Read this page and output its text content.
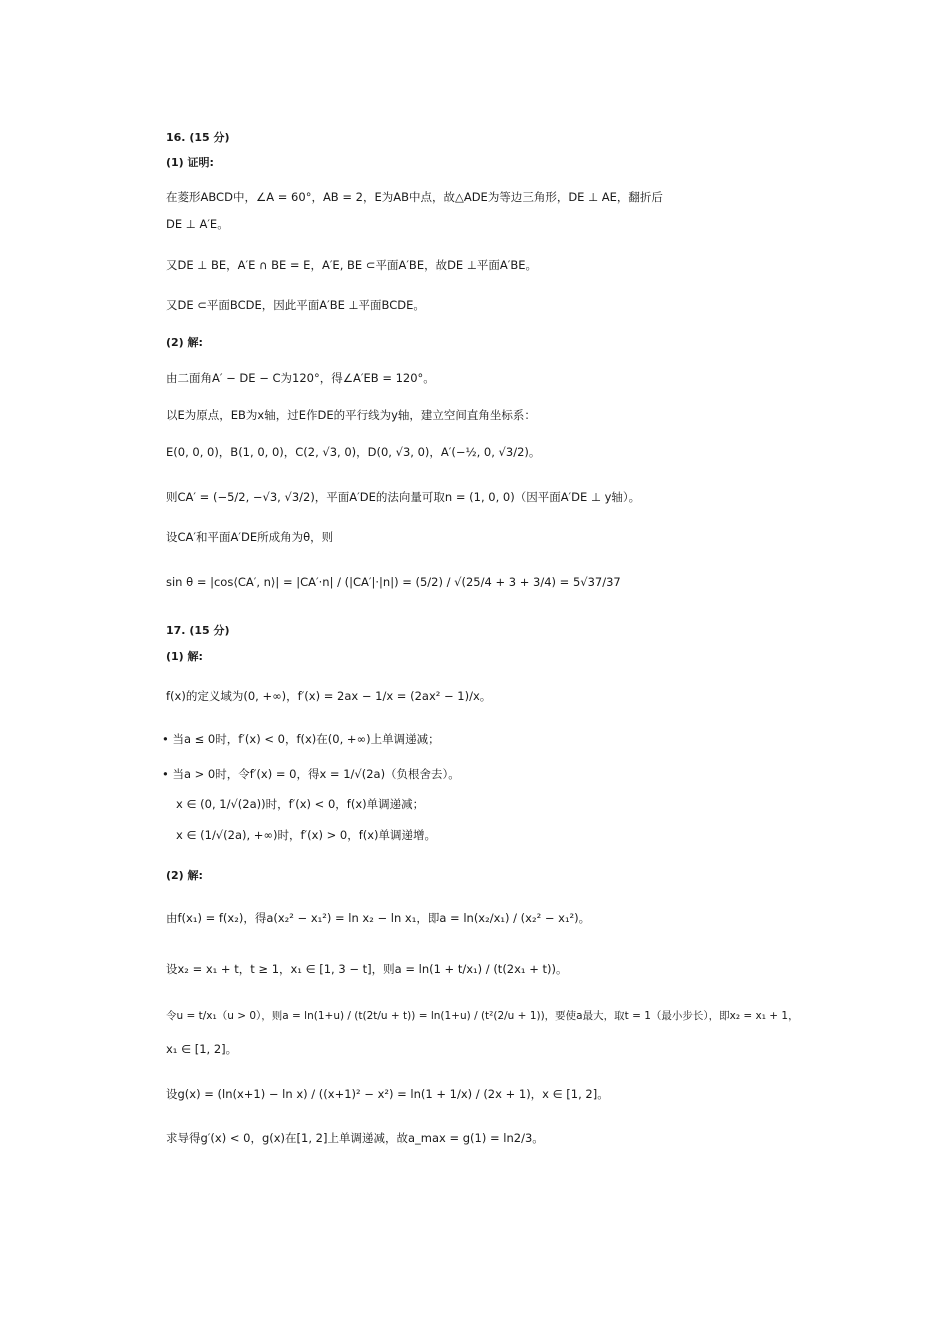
16. (15 分)
(1) 证明:
在菱形ABCD中，∠A = 60°，AB = 2，E为AB中点，故△ADE为等边三角形，DE ⊥ AE，翻折后
DE ⊥ A′E。
又DE ⊥ BE，A′E ∩ BE = E，A′E, BE ⊂平面A′BE，故DE ⊥平面A′BE。
又DE ⊂平面BCDE，因此平面A′BE ⊥平面BCDE。
(2) 解:
由二面角A′ − DE − C为120°，得∠A′EB = 120°。
以E为原点，EB为x轴，过E作DE的平行线为y轴，建立空间直角坐标系：
E(0, 0, 0)，B(1, 0, 0)，C(2, √3, 0)，D(0, √3, 0)，A′(−½, 0, √3/2)。
则CA′ = (−5/2, −√3, √3/2)，平面A′DE的法向量可取n = (1, 0, 0)（因平面A′DE ⊥ y轴）。
设CA′和平面A′DE所成角为θ，则
sin θ = |cos⟨CA′, n⟩| = |CA′·n| / (|CA′|·|n|) = (5/2) / √(25/4 + 3 + 3/4) = 5√37/37
17. (15 分)
(1) 解:
f(x)的定义域为(0, +∞)，f′(x) = 2ax − 1/x = (2ax² − 1)/x。
• 当a ≤ 0时，f′(x) < 0，f(x)在(0, +∞)上单调递减；
• 当a > 0时，令f′(x) = 0，得x = 1/√(2a)（负根舍去）。
x ∈ (0, 1/√(2a))时，f′(x) < 0，f(x)单调递减；
x ∈ (1/√(2a), +∞)时，f′(x) > 0，f(x)单调递增。
(2) 解:
由f(x₁) = f(x₂)，得a(x₂² − x₁²) = ln x₂ − ln x₁，即a = ln(x₂/x₁) / (x₂² − x₁²)。
设x₂ = x₁ + t，t ≥ 1，x₁ ∈ [1, 3 − t]，则a = ln(1 + t/x₁) / (t(2x₁ + t))。
令u = t/x₁（u > 0），则a = ln(1+u) / (t(2t/u + t)) = ln(1+u) / (t²(2/u + 1))，要使a最大，取t = 1（最小步长），即x₂ = x₁ + 1，
x₁ ∈ [1, 2]。
设g(x) = (ln(x+1) − ln x) / ((x+1)² − x²) = ln(1 + 1/x) / (2x + 1)，x ∈ [1, 2]。
求导得g′(x) < 0，g(x)在[1, 2]上单调递减，故a_max = g(1) = ln2/3。
